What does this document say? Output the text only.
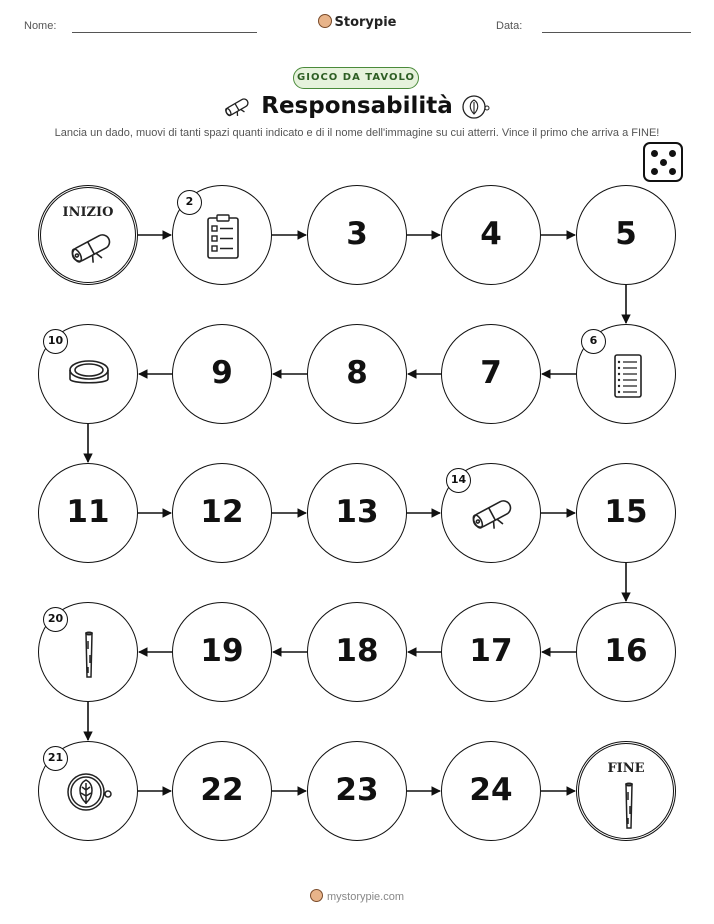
Nome:	Storypie	Data:
GIOCO DA TAVOLO
Responsabilità
Lancia un dado, muovi di tanti spazi quanti indicato e di il nome dell'immagine su cui atterri. Vince il primo che arriva a FINE!
INIZIO
2
3	4	5
6
7
8
9
10
11	12	13
14
15
16
17
18
19
20
21
22	23	24
FINE
mystorypie.com
